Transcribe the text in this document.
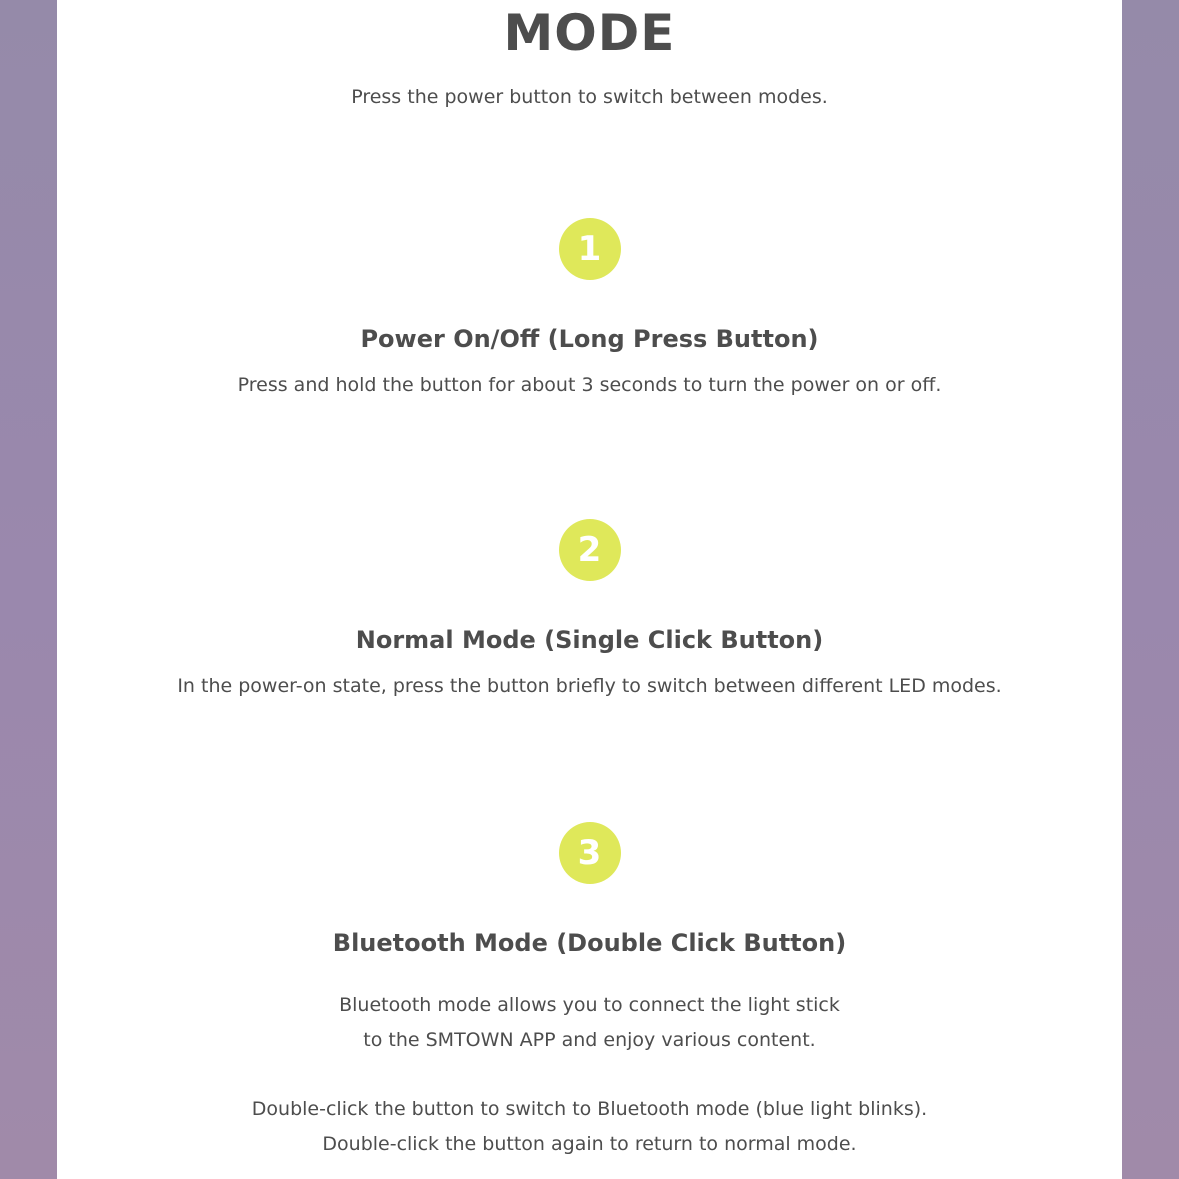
MODE
Press the power button to switch between modes.
1
Power On/Off (Long Press Button)
Press and hold the button for about 3 seconds to turn the power on or off.
2
Normal Mode (Single Click Button)
In the power-on state, press the button briefly to switch between different LED modes.
3
Bluetooth Mode (Double Click Button)
Bluetooth mode allows you to connect the light stick
to the SMTOWN APP and enjoy various content.
Double-click the button to switch to Bluetooth mode (blue light blinks).
Double-click the button again to return to normal mode.
